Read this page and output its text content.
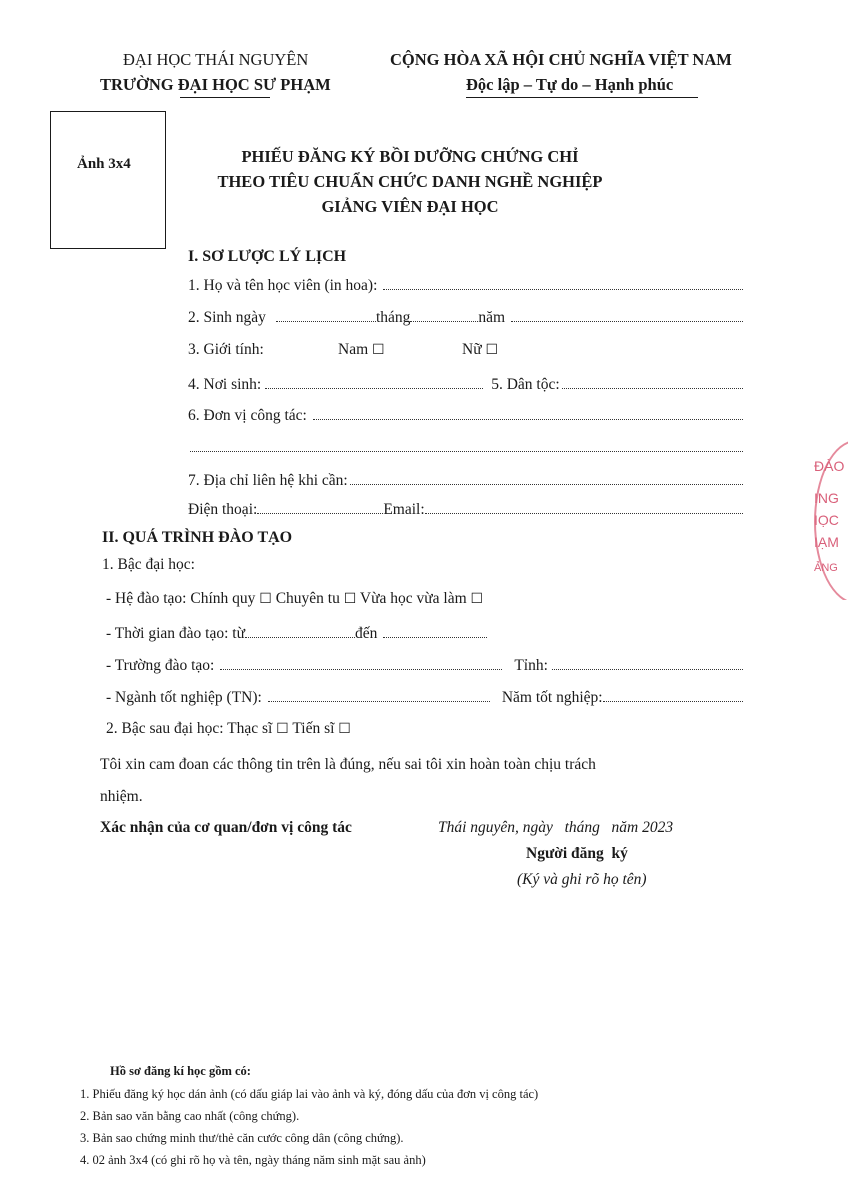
ĐẠI HỌC THÁI NGUYÊN
TRƯỜNG ĐẠI HỌC SƯ PHẠM
CỘNG HÒA XÃ HỘI CHỦ NGHĨA VIỆT NAM
Độc lập – Tự do – Hạnh phúc
Ảnh 3x4	PHIẾU ĐĂNG KÝ BỒI DƯỠNG CHỨNG CHỈ
THEO TIÊU CHUẨN CHỨC DANH NGHỀ NGHIỆP
GIẢNG VIÊN ĐẠI HỌC
I. SƠ LƯỢC LÝ LỊCH
1. Họ và tên học viên (in hoa):
2. Sinh ngày	tháng	năm
3. Giới tính:	Nam ☐	Nữ ☐
4. Nơi sinh:	5. Dân tộc:
6. Đơn vị công tác:
7. Địa chỉ liên hệ khi cần:
Điện thoại:	Email:
II. QUÁ TRÌNH ĐÀO TẠO
1. Bậc đại học:
- Hệ đào tạo: Chính quy ☐ Chuyên tu ☐ Vừa học vừa làm ☐
- Thời gian đào tạo: từ	đến
- Trường đào tạo:	Tỉnh:
- Ngành tốt nghiệp (TN):	Năm tốt nghiệp:
2. Bậc sau đại học: Thạc sĩ ☐ Tiến sĩ ☐
Tôi xin cam đoan các thông tin trên là đúng, nếu sai tôi xin hoàn toàn chịu trách
nhiệm.
Xác nhận của cơ quan/đơn vị công tác	Thái nguyên, ngày   tháng   năm 2023
Người đăng  ký
(Ký và ghi rõ họ tên)
Hồ sơ đăng kí học gồm có:
1. Phiếu đăng ký học dán ảnh (có dấu giáp lai vào ảnh và ký, đóng dấu của đơn vị công tác)
2. Bản sao văn bằng cao nhất (công chứng).
3. Bản sao chứng minh thư/thẻ căn cước công dân (công chứng).
4. 02 ảnh 3x4 (có ghi rõ họ và tên, ngày tháng năm sinh mặt sau ảnh)
ĐÀO
ING
IỌC
IẠM
ẢNG
